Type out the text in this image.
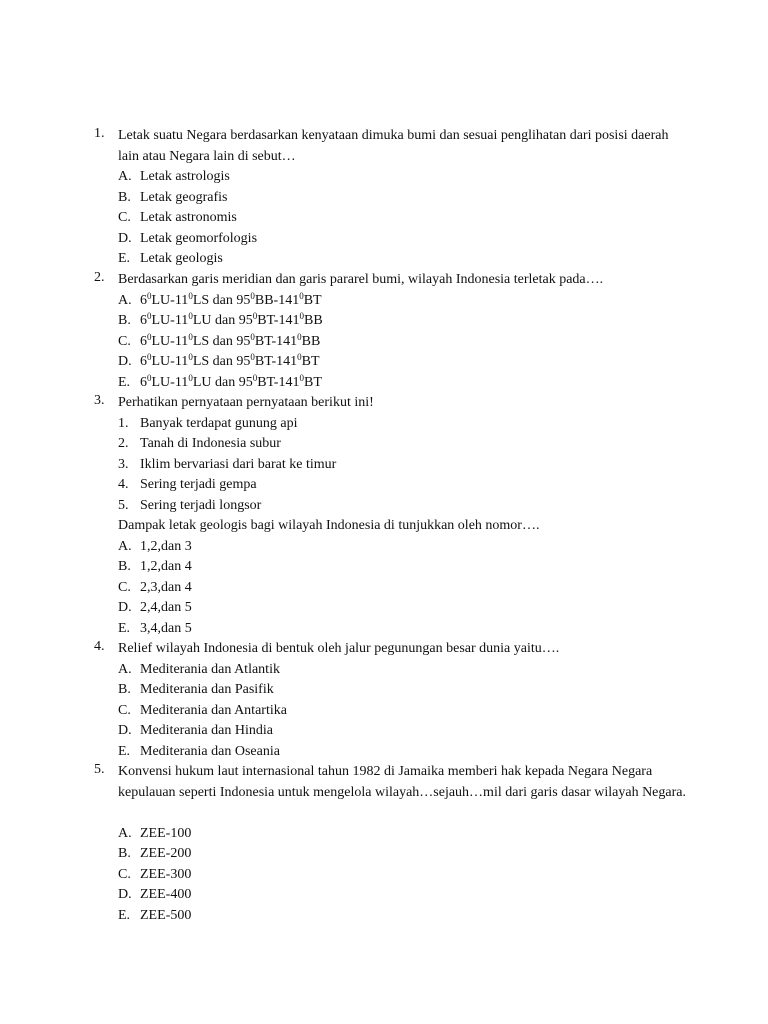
1. Letak suatu Negara berdasarkan kenyataan dimuka bumi dan sesuai penglihatan dari posisi daerah lain atau Negara lain di sebut…
A. Letak astrologis
B. Letak geografis
C. Letak astronomis
D. Letak geomorfologis
E. Letak geologis
2. Berdasarkan garis meridian dan garis pararel bumi, wilayah Indonesia terletak pada….
A. $6^0LU-11^0LS$ dan $95^0BB-141^0BT$
B. $6^0LU-11^0LU$ dan $95^0BT-141^0BB$
C. $6^0LU-11^0LS$ dan $95^0BT-141^0BB$
D. $6^0LU-11^0LS$ dan $95^0BT-141^0BT$
E. $6^0LU-11^0LU$ dan $95^0BT-141^0BT$
3. Perhatikan pernyataan pernyataan berikut ini!
1. Banyak terdapat gunung api
2. Tanah di Indonesia subur
3. Iklim bervariasi dari barat ke timur
4. Sering terjadi gempa
5. Sering terjadi longsor
Dampak letak geologis bagi wilayah Indonesia di tunjukkan oleh nomor….
A. 1,2,dan 3
B. 1,2,dan 4
C. 2,3,dan 4
D. 2,4,dan 5
E. 3,4,dan 5
4. Relief wilayah Indonesia di bentuk oleh jalur pegunungan besar dunia yaitu….
A. Mediterania dan Atlantik
B. Mediterania dan Pasifik
C. Mediterania dan Antartika
D. Mediterania dan Hindia
E. Mediterania dan Oseania
5. Konvensi hukum laut internasional tahun 1982 di Jamaika memberi hak kepada Negara Negara kepulauan seperti Indonesia untuk mengelola wilayah…sejauh…mil dari garis dasar wilayah Negara.
A. ZEE-100
B. ZEE-200
C. ZEE-300
D. ZEE-400
E. ZEE-500
